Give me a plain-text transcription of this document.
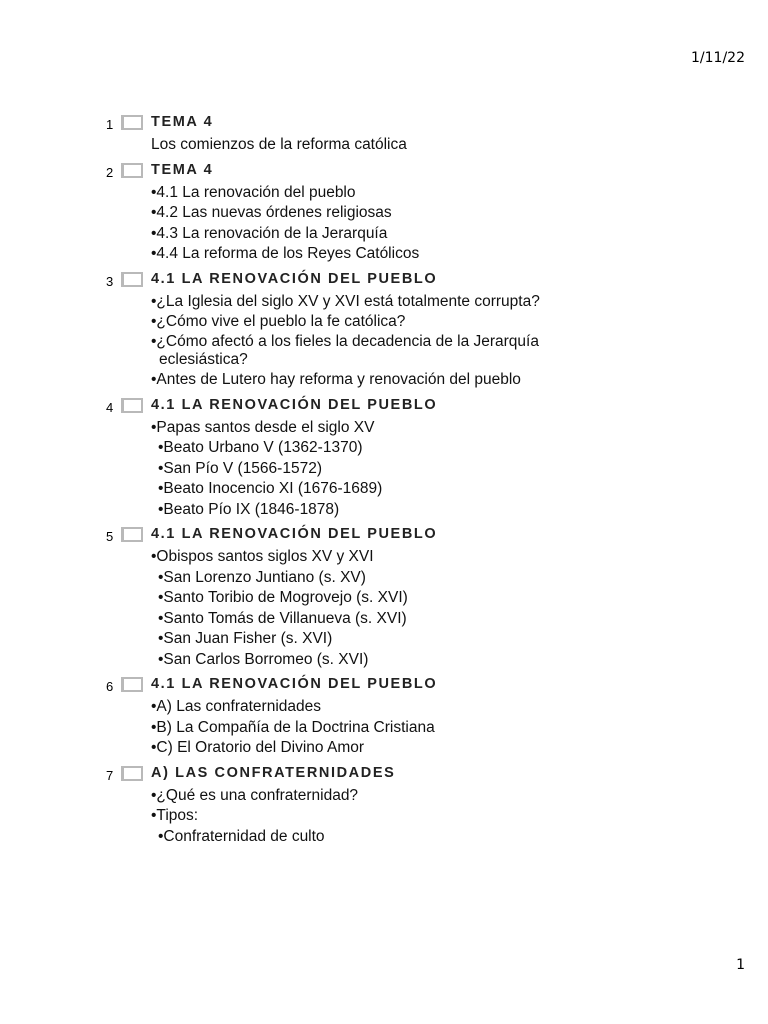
1/11/22
1	TEMA 4
Los comienzos de la reforma católica
2	TEMA 4
•4.1 La renovación del pueblo
•4.2 Las nuevas órdenes religiosas
•4.3 La renovación de la Jerarquía
•4.4 La reforma de los Reyes Católicos
3	4.1 LA RENOVACIÓN DEL PUEBLO
•¿La Iglesia del siglo XV y XVI está totalmente corrupta?
•¿Cómo vive el pueblo la fe católica?
•¿Cómo afectó a los fieles la decadencia de la Jerarquía
eclesiástica?
•Antes de Lutero hay reforma y renovación del pueblo
4	4.1 LA RENOVACIÓN DEL PUEBLO
•Papas santos desde el siglo XV
•Beato Urbano V (1362-1370)
•San Pío V (1566-1572)
•Beato Inocencio XI (1676-1689)
•Beato Pío IX (1846-1878)
5	4.1 LA RENOVACIÓN DEL PUEBLO
•Obispos santos siglos XV y XVI
•San Lorenzo Juntiano (s. XV)
•Santo Toribio de Mogrovejo (s. XVI)
•Santo Tomás de Villanueva (s. XVI)
•San Juan Fisher (s. XVI)
•San Carlos Borromeo (s. XVI)
6	4.1 LA RENOVACIÓN DEL PUEBLO
•A) Las confraternidades
•B) La Compañía de la Doctrina Cristiana
•C) El Oratorio del Divino Amor
7	A) LAS CONFRATERNIDADES
•¿Qué es una confraternidad?
•Tipos:
•Confraternidad de culto
1
